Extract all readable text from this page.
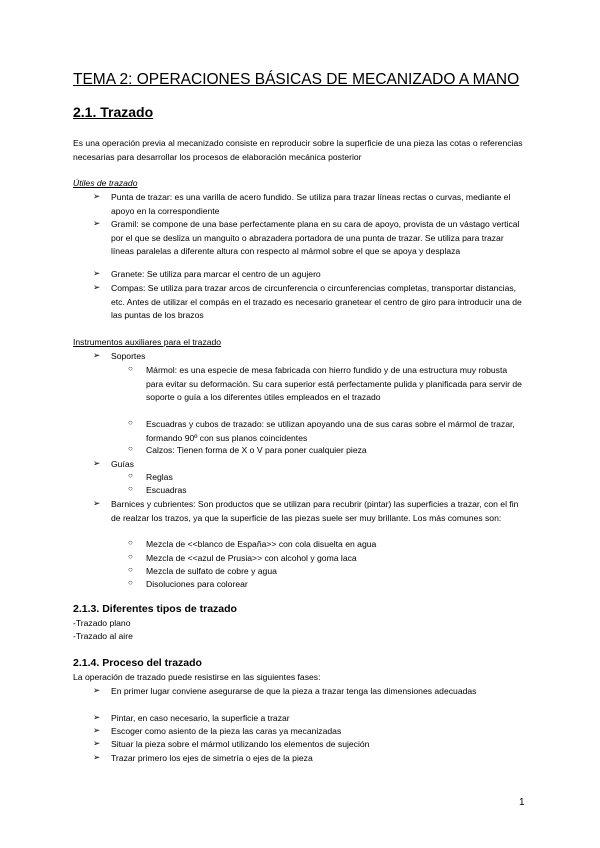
TEMA 2: OPERACIONES BÁSICAS DE MECANIZADO A MANO
2.1. Trazado
Es una operación previa al mecanizado consiste en reproducir sobre la superficie de una pieza las cotas o referencias necesarias para desarrollar los procesos de elaboración mecánica posterior
Útiles de trazado
➢ Punta de trazar: es una varilla de acero fundido. Se utiliza para trazar líneas rectas o curvas, mediante el apoyo en la correspondiente
➢ Gramil: se compone de una base perfectamente plana en su cara de apoyo, provista de un vástago vertical por el que se desliza un manguito o abrazadera portadora de una punta de trazar. Se utiliza para trazar líneas paralelas a diferente altura con respecto al mármol sobre el que se apoya y desplaza
➢ Granete: Se utiliza para marcar el centro de un agujero
➢ Compas: Se utiliza para trazar arcos de circunferencia o circunferencias completas, transportar distancias, etc. Antes de utilizar el compás en el trazado es necesario granetear el centro de giro para introducir una de las puntas de los brazos
Instrumentos auxiliares para el trazado
➢ Soportes
○ Mármol: es una especie de mesa fabricada con hierro fundido y de una estructura muy robusta para evitar su deformación. Su cara superior está perfectamente pulida y planificada para servir de soporte o guía a los diferentes útiles empleados en el trazado
○ Escuadras y cubos de trazado: se utilizan apoyando una de sus caras sobre el mármol de trazar, formando 90º con sus planos coincidentes
○ Calzos: Tienen forma de X o V para poner cualquier pieza
➢ Guías
○ Reglas
○ Escuadras
➢ Barnices y cubrientes: Son productos que se utilizan para recubrir (pintar) las superficies a trazar, con el fin de realzar los trazos, ya que la superficie de las piezas suele ser muy brillante. Los más comunes son:
○ Mezcla de <<blanco de España>> con cola disuelta en agua
○ Mezcla de <<azul de Prusia>> con alcohol y goma laca
○ Mezcla de sulfato de cobre y agua
○ Disoluciones para colorear
2.1.3. Diferentes tipos de trazado
-Trazado plano
-Trazado al aire
2.1.4. Proceso del trazado
La operación de trazado puede resistirse en las siguientes fases:
➢ En primer lugar conviene asegurarse de que la pieza a trazar tenga las dimensiones adecuadas
➢ Pintar, en caso necesario, la superficie a trazar
➢ Escoger como asiento de la pieza las caras ya mecanizadas
➢ Situar la pieza sobre el mármol utilizando los elementos de sujeción
➢ Trazar primero los ejes de simetría o ejes de la pieza
1
